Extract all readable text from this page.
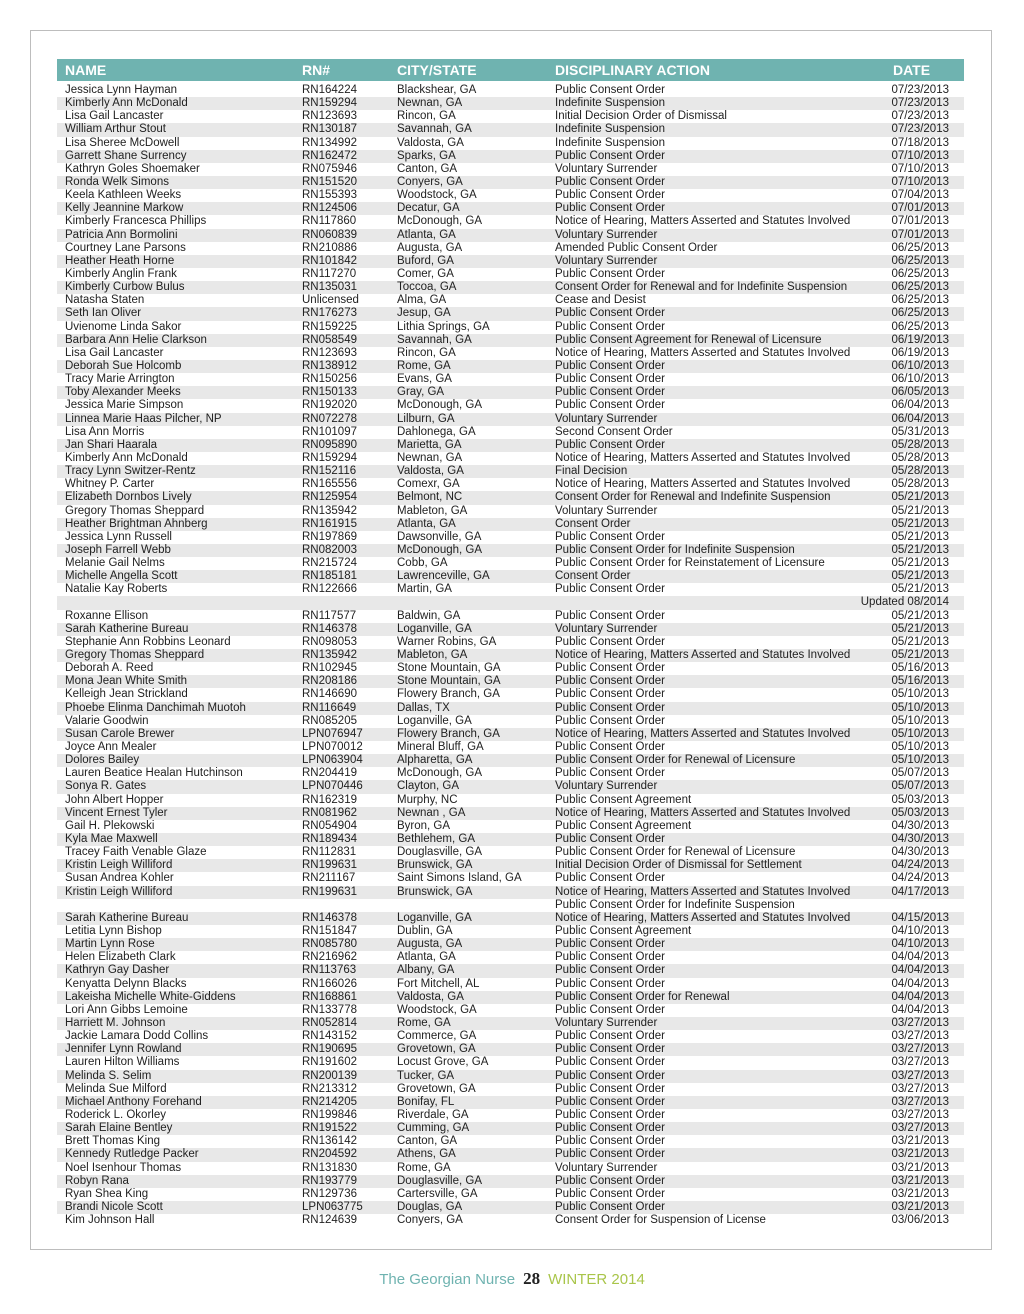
NAME	RN#	CITY/STATE	DISCIPLINARY ACTION	DATE
Jessica Lynn Hayman	RN164224	Blackshear, GA	Public Consent Order	07/23/2013
Kimberly Ann McDonald	RN159294	Newnan, GA	Indefinite Suspension	07/23/2013
Lisa Gail Lancaster	RN123693	Rincon, GA	Initial Decision Order of Dismissal	07/23/2013
William Arthur Stout	RN130187	Savannah, GA	Indefinite Suspension	07/23/2013
Lisa Sheree McDowell	RN134992	Valdosta, GA	Indefinite Suspension	07/18/2013
Garrett Shane Surrency	RN162472	Sparks, GA	Public Consent Order	07/10/2013
Kathryn Goles Shoemaker	RN075946	Canton, GA	Voluntary Surrender	07/10/2013
Ronda Welk Simons	RN151520	Conyers, GA	Public Consent Order	07/10/2013
Keela Kathleen Weeks	RN155393	Woodstock, GA	Public Consent Order	07/04/2013
Kelly Jeannine Markow	RN124506	Decatur, GA	Public Consent Order	07/01/2013
Kimberly Francesca Phillips	RN117860	McDonough, GA	Notice of Hearing, Matters Asserted and Statutes Involved	07/01/2013
Patricia Ann Bormolini	RN060839	Atlanta, GA	Voluntary Surrender	07/01/2013
Courtney Lane Parsons	RN210886	Augusta, GA	Amended Public Consent Order	06/25/2013
Heather Heath Horne	RN101842	Buford, GA	Voluntary Surrender	06/25/2013
Kimberly Anglin Frank	RN117270	Comer, GA	Public Consent Order	06/25/2013
Kimberly Curbow Bulus	RN135031	Toccoa, GA	Consent Order for Renewal and for Indefinite Suspension	06/25/2013
Natasha Staten	Unlicensed	Alma, GA	Cease and Desist	06/25/2013
Seth Ian Oliver	RN176273	Jesup, GA	Public Consent Order	06/25/2013
Uvienome Linda Sakor	RN159225	Lithia Springs, GA	Public Consent Order	06/25/2013
Barbara Ann Helie Clarkson	RN058549	Savannah, GA	Public Consent Agreement for Renewal of Licensure	06/19/2013
Lisa Gail Lancaster	RN123693	Rincon, GA	Notice of Hearing, Matters Asserted and Statutes Involved	06/19/2013
Deborah Sue Holcomb	RN138912	Rome, GA	Public Consent Order	06/10/2013
Tracy Marie Arrington	RN150256	Evans, GA	Public Consent Order	06/10/2013
Toby Alexander Meeks	RN150133	Gray, GA	Public Consent Order	06/05/2013
Jessica Marie Simpson	RN192020	McDonough, GA	Public Consent Order	06/04/2013
Linnea Marie Haas Pilcher, NP	RN072278	Lilburn, GA	Voluntary Surrender	06/04/2013
Lisa Ann Morris	RN101097	Dahlonega, GA	Second Consent Order	05/31/2013
Jan Shari Haarala	RN095890	Marietta, GA	Public Consent Order	05/28/2013
Kimberly Ann McDonald	RN159294	Newnan, GA	Notice of Hearing, Matters Asserted and Statutes Involved	05/28/2013
Tracy Lynn Switzer-Rentz	RN152116	Valdosta, GA	Final Decision	05/28/2013
Whitney P. Carter	RN165556	Comexr, GA	Notice of Hearing, Matters Asserted and Statutes Involved	05/28/2013
Elizabeth Dornbos Lively	RN125954	Belmont, NC	Consent Order for Renewal and Indefinite Suspension	05/21/2013
Gregory Thomas Sheppard	RN135942	Mableton, GA	Voluntary Surrender	05/21/2013
Heather Brightman Ahnberg	RN161915	Atlanta, GA	Consent Order	05/21/2013
Jessica Lynn Russell	RN197869	Dawsonville, GA	Public Consent Order	05/21/2013
Joseph Farrell Webb	RN082003	McDonough, GA	Public Consent Order for Indefinite Suspension	05/21/2013
Melanie Gail Nelms	RN215724	Cobb, GA	Public Consent Order for Reinstatement of Licensure	05/21/2013
Michelle Angella Scott	RN185181	Lawrenceville, GA	Consent Order	05/21/2013
Natalie Kay Roberts	RN122666	Martin, GA	Public Consent Order	05/21/2013
Updated 08/2014
Roxanne Ellison	RN117577	Baldwin, GA	Public Consent Order	05/21/2013
Sarah Katherine Bureau	RN146378	Loganville, GA	Voluntary Surrender	05/21/2013
Stephanie Ann Robbins Leonard	RN098053	Warner Robins, GA	Public Consent Order	05/21/2013
Gregory Thomas Sheppard	RN135942	Mableton, GA	Notice of Hearing, Matters Asserted and Statutes Involved	05/21/2013
Deborah A. Reed	RN102945	Stone Mountain, GA	Public Consent Order	05/16/2013
Mona Jean White Smith	RN208186	Stone Mountain, GA	Public Consent Order	05/16/2013
Kelleigh Jean Strickland	RN146690	Flowery Branch, GA	Public Consent Order	05/10/2013
Phoebe Elinma Danchimah Muotoh	RN116649	Dallas, TX	Public Consent Order	05/10/2013
Valarie Goodwin	RN085205	Loganville, GA	Public Consent Order	05/10/2013
Susan Carole Brewer	LPN076947	Flowery Branch, GA	Notice of Hearing, Matters Asserted and Statutes Involved	05/10/2013
Joyce Ann Mealer	LPN070012	Mineral Bluff, GA	Public Consent Order	05/10/2013
Dolores Bailey	LPN063904	Alpharetta, GA	Public Consent Order for Renewal of Licensure	05/10/2013
Lauren Beatice Healan Hutchinson	RN204419	McDonough, GA	Public Consent Order	05/07/2013
Sonya R. Gates	LPN070446	Clayton, GA	Voluntary Surrender	05/07/2013
John Albert Hopper	RN162319	Murphy, NC	Public Consent Agreement	05/03/2013
Vincent Ernest Tyler	RN081962	Newnan , GA	Notice of Hearing, Matters Asserted and Statutes Involved	05/03/2013
Gail H. Plekowski	RN054904	Byron, GA	Public Consent Agreement	04/30/2013
Kyla Mae Maxwell	RN189434	Bethlehem, GA	Public Consent Order	04/30/2013
Tracey Faith Venable Glaze	RN112831	Douglasville, GA	Public Consent Order for Renewal of Licensure	04/30/2013
Kristin Leigh Williford	RN199631	Brunswick, GA	Initial Decision Order of Dismissal for Settlement	04/24/2013
Susan Andrea Kohler	RN211167	Saint Simons Island, GA	Public Consent Order	04/24/2013
Kristin Leigh Williford	RN199631	Brunswick, GA	Notice of Hearing, Matters Asserted and Statutes Involved	04/17/2013
Public Consent Order for Indefinite Suspension
Sarah Katherine Bureau	RN146378	Loganville, GA	Notice of Hearing, Matters Asserted and Statutes Involved	04/15/2013
Letitia Lynn Bishop	RN151847	Dublin, GA	Public Consent Agreement	04/10/2013
Martin Lynn Rose	RN085780	Augusta, GA	Public Consent Order	04/10/2013
Helen Elizabeth Clark	RN216962	Atlanta, GA	Public Consent Order	04/04/2013
Kathryn Gay Dasher	RN113763	Albany, GA	Public Consent Order	04/04/2013
Kenyatta Delynn Blacks	RN166026	Fort Mitchell, AL	Public Consent Order	04/04/2013
Lakeisha Michelle White-Giddens	RN168861	Valdosta, GA	Public Consent Order for Renewal	04/04/2013
Lori Ann Gibbs Lemoine	RN133778	Woodstock, GA	Public Consent Order	04/04/2013
Harriett M. Johnson	RN052814	Rome, GA	Voluntary Surrender	03/27/2013
Jackie Lamara Dodd Collins	RN143152	Commerce, GA	Public Consent Order	03/27/2013
Jennifer Lynn Rowland	RN190695	Grovetown, GA	Public Consent Order	03/27/2013
Lauren Hilton Williams	RN191602	Locust Grove, GA	Public Consent Order	03/27/2013
Melinda S. Selim	RN200139	Tucker, GA	Public Consent Order	03/27/2013
Melinda Sue Milford	RN213312	Grovetown, GA	Public Consent Order	03/27/2013
Michael Anthony Forehand	RN214205	Bonifay, FL	Public Consent Order	03/27/2013
Roderick L. Okorley	RN199846	Riverdale, GA	Public Consent Order	03/27/2013
Sarah Elaine Bentley	RN191522	Cumming, GA	Public Consent Order	03/27/2013
Brett Thomas King	RN136142	Canton, GA	Public Consent Order	03/21/2013
Kennedy Rutledge Packer	RN204592	Athens, GA	Public Consent Order	03/21/2013
Noel Isenhour Thomas	RN131830	Rome, GA	Voluntary Surrender	03/21/2013
Robyn Rana	RN193779	Douglasville, GA	Public Consent Order	03/21/2013
Ryan Shea King	RN129736	Cartersville, GA	Public Consent Order	03/21/2013
Brandi Nicole Scott	LPN063775	Douglas, GA	Public Consent Order	03/21/2013
Kim Johnson Hall	RN124639	Conyers, GA	Consent Order for Suspension of License	03/06/2013
The Georgian Nurse 28 WINTER 2014
